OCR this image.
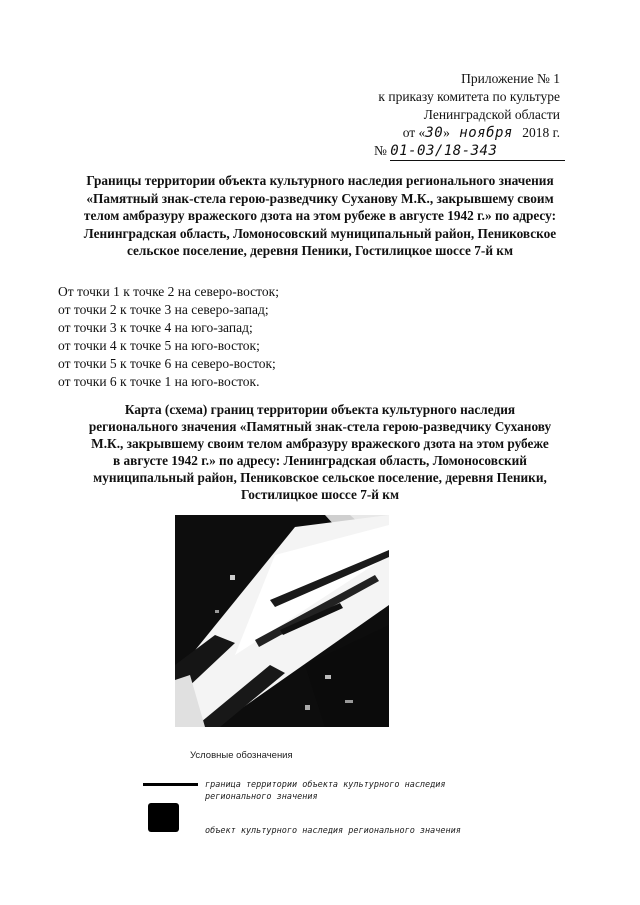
Приложение № 1
к приказу комитета по культуре
Ленинградской области
от «30» ноября 2018 г.
№ 01-03/18-343
Границы территории объекта культурного наследия регионального значения
«Памятный знак-стела герою-разведчику Суханову М.К., закрывшему своим
телом амбразуру вражеского дзота на этом рубеже в августе 1942 г.» по адресу:
Ленинградская область, Ломоносовский муниципальный район, Пениковское
сельское поселение, деревня Пеники, Гостилицкое шоссе 7-й км
От точки 1 к точке 2 на северо-восток;
от точки 2 к точке 3 на северо-запад;
от точки 3 к точке 4 на юго-запад;
от точки 4 к точке 5 на юго-восток;
от точки 5 к точке 6 на северо-восток;
от точки 6 к точке 1 на юго-восток.
Карта (схема) границ территории объекта культурного наследия
регионального значения «Памятный знак-стела герою-разведчику Суханову
М.К., закрывшему своим телом амбразуру вражеского дзота на этом рубеже
в августе 1942 г.» по адресу: Ленинградская область, Ломоносовский
муниципальный район, Пениковское сельское поселение, деревня Пеники,
Гостилицкое шоссе 7-й км
Условные обозначения
граница территории объекта культурного наследия
регионального значения
объект культурного наследия регионального значения
